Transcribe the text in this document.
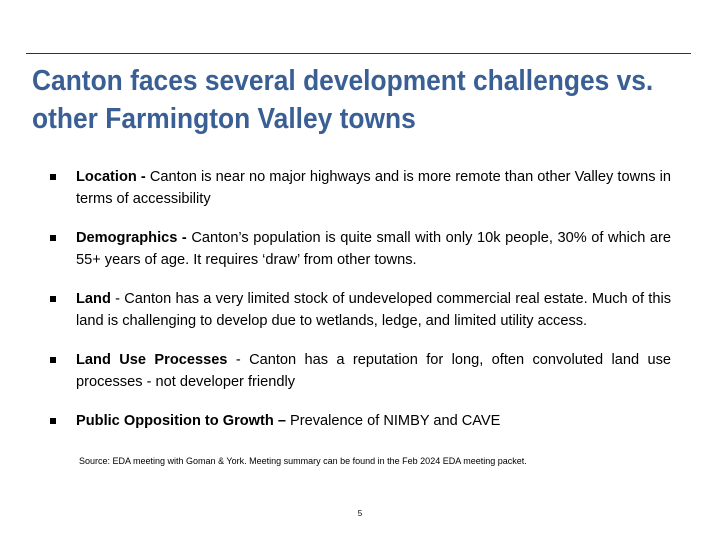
Canton faces several development challenges vs.
other Farmington Valley towns
Location - Canton is near no major highways and is more remote than other Valley towns in terms of accessibility
Demographics - Canton’s population is quite small with only 10k people, 30% of which are 55+ years of age. It requires ‘draw’ from other towns.
Land - Canton has a very limited stock of undeveloped commercial real estate. Much of this land is challenging to develop due to wetlands, ledge, and limited utility access.
Land Use Processes - Canton has a reputation for long, often convoluted land use processes - not developer friendly
Public Opposition to Growth – Prevalence of NIMBY and CAVE
Source: EDA meeting with Goman & York. Meeting summary can be found in the Feb 2024 EDA meeting packet.
5
